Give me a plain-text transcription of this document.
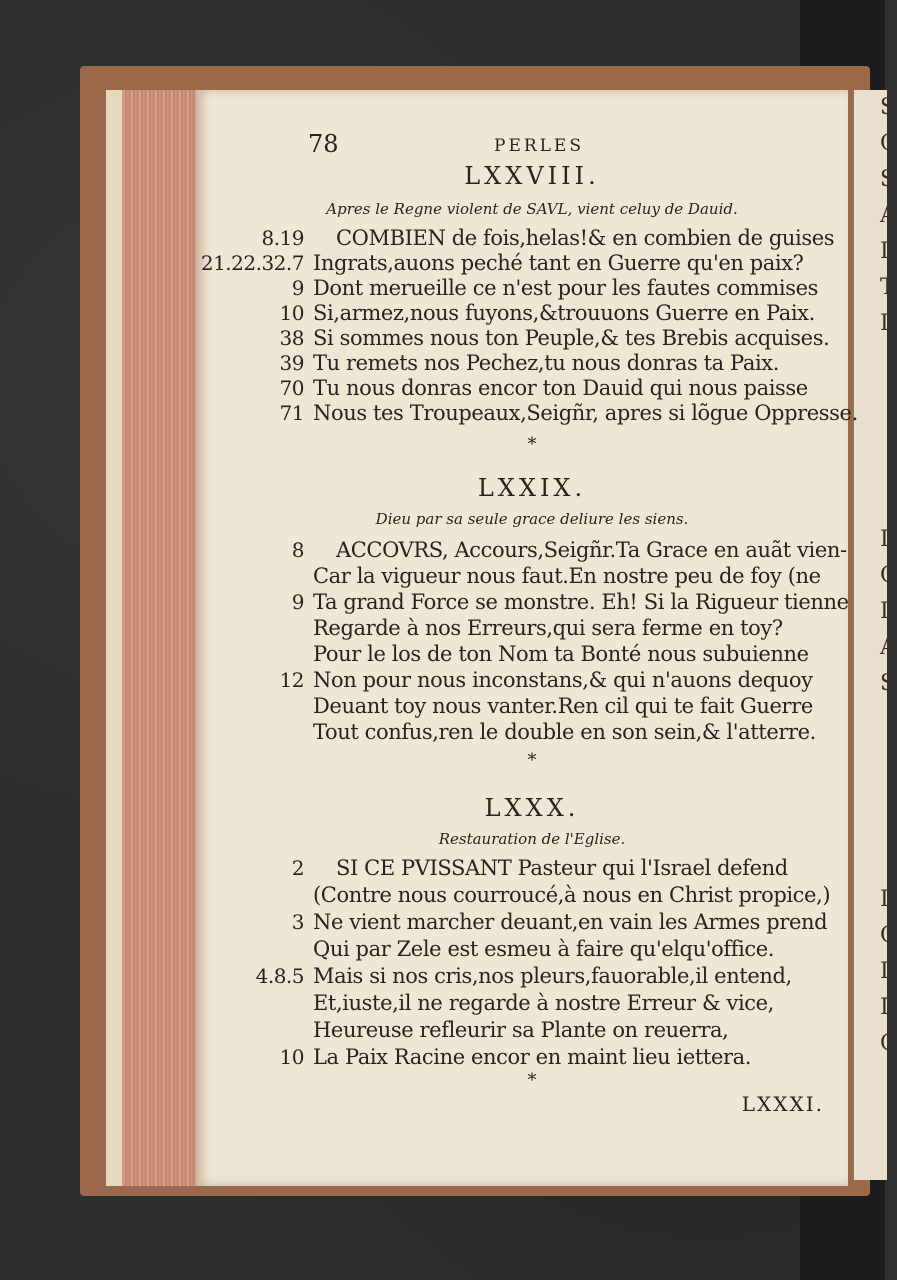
S
C
S
A
I
T
I

I
C
I
A
S

I
C
I
I
C
78	PERLES
LXXVIII.
Apres le Regne violent de SAVL, vient celuy de Dauid.
8.19 COMBIEN de fois,helas!& en combien de guises
21.22.32.7 Ingrats,auons peché tant en Guerre qu'en paix?
9 Dont merueille ce n'est pour les fautes commises
10 Si,armez,nous fuyons,&trouuons Guerre en Paix.
38 Si sommes nous ton Peuple,& tes Brebis acquises.
39 Tu remets nos Pechez,tu nous donras ta Paix.
70 Tu nous donras encor ton Dauid qui nous paisse
71 Nous tes Troupeaux,Seigñr, apres si lõgue Oppresse.
*
LXXIX.
Dieu par sa seule grace deliure les siens.
8 ACCOVRS, Accours,Seigñr.Ta Grace en auãt vien-
Car la vigueur nous faut.En nostre peu de foy (ne
9 Ta grand Force se monstre. Eh! Si la Rigueur tienne
Regarde à nos Erreurs,qui sera ferme en toy?
Pour le los de ton Nom ta Bonté nous subuienne
12 Non pour nous inconstans,& qui n'auons dequoy
Deuant toy nous vanter.Ren cil qui te fait Guerre
Tout confus,ren le double en son sein,& l'atterre.
*
LXXX.
Restauration de l'Eglise.
2 SI CE PVISSANT Pasteur qui l'Israel defend
(Contre nous courroucé,à nous en Christ propice,)
3 Ne vient marcher deuant,en vain les Armes prend
Qui par Zele est esmeu à faire qu'elqu'office.
4.8.5 Mais si nos cris,nos pleurs,fauorable,il entend,
Et,iuste,il ne regarde à nostre Erreur & vice,
Heureuse refleurir sa Plante on reuerra,
10 La Paix Racine encor en maint lieu iettera.
*
LXXXI.
